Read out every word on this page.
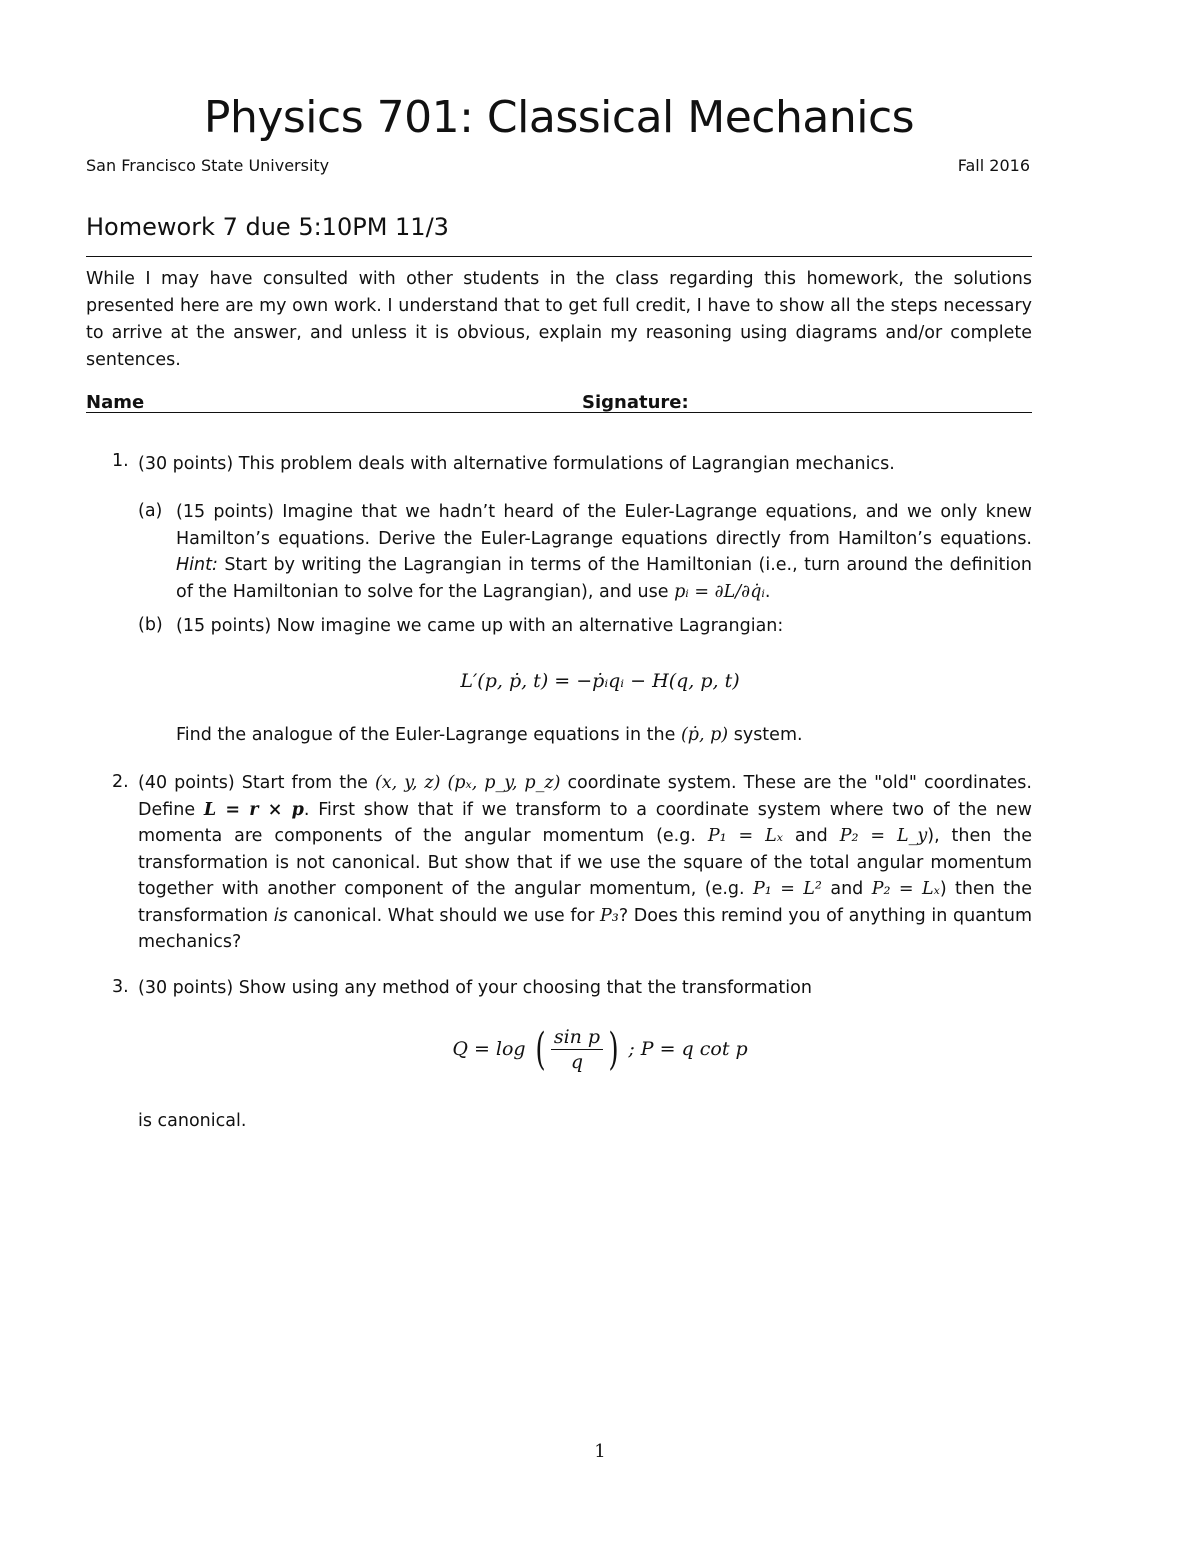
Physics 701: Classical Mechanics
San Francisco State University	Fall 2016
Homework 7 due 5:10PM 11/3
While I may have consulted with other students in the class regarding this homework, the solutions presented here are my own work. I understand that to get full credit, I have to show all the steps necessary to arrive at the answer, and unless it is obvious, explain my reasoning using diagrams and/or complete sentences.
Name	Signature:
1. (30 points) This problem deals with alternative formulations of Lagrangian mechanics.
(a) (15 points) Imagine that we hadn’t heard of the Euler-Lagrange equations, and we only knew Hamilton’s equations. Derive the Euler-Lagrange equations directly from Hamilton’s equations. Hint: Start by writing the Lagrangian in terms of the Hamiltonian (i.e., turn around the definition of the Hamiltonian to solve for the Lagrangian), and use pᵢ = ∂L/∂q̇ᵢ.
(b) (15 points) Now imagine we came up with an alternative Lagrangian:
L′(p, ṗ, t) = −ṗᵢqᵢ − H(q, p, t)
Find the analogue of the Euler-Lagrange equations in the (ṗ, p) system.
2. (40 points) Start from the (x, y, z) (pₓ, p_y, p_z) coordinate system. These are the "old" coordinates. Define L = r × p. First show that if we transform to a coordinate system where two of the new momenta are components of the angular momentum (e.g. P₁ = Lₓ and P₂ = L_y), then the transformation is not canonical. But show that if we use the square of the total angular momentum together with another component of the angular momentum, (e.g. P₁ = L² and P₂ = Lₓ) then the transformation is canonical. What should we use for P₃? Does this remind you of anything in quantum mechanics?
3. (30 points) Show using any method of your choosing that the transformation
Q = log ( $\frac{\text{sin p}}{q}$ ) ; P = q cot p
is canonical.
1
